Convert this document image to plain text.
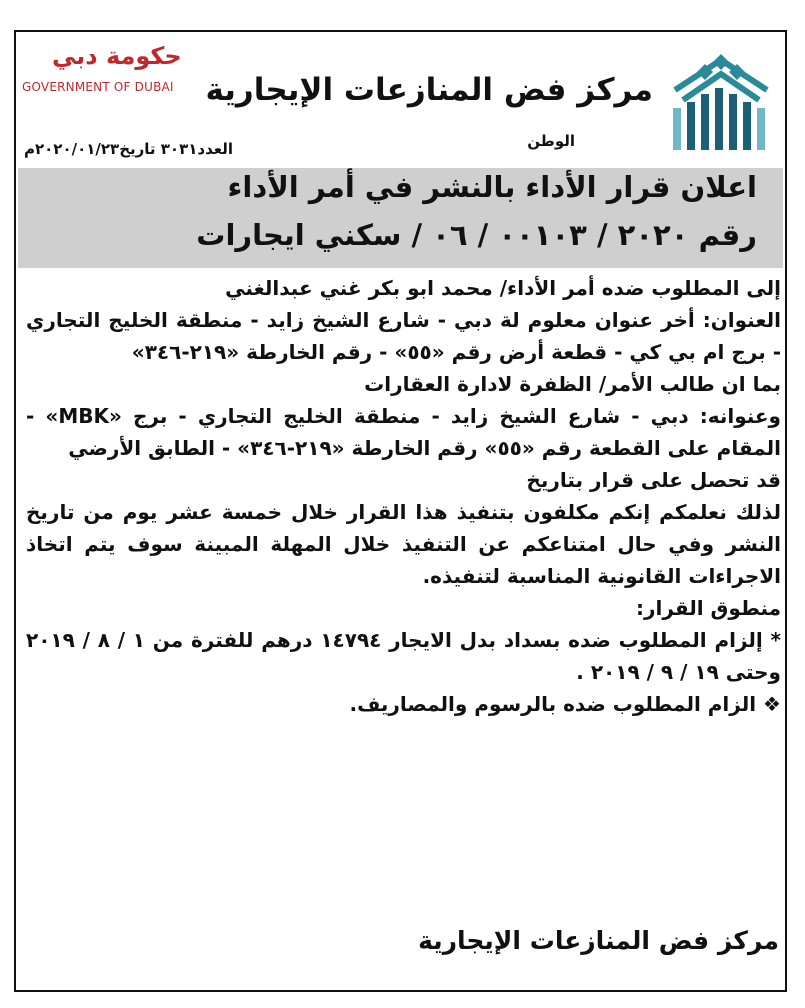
حكومة دبي
GOVERNMENT OF DUBAI مركز فض المنازعات الإيجارية
الوطن
العدد٣٠٣١ تاريخ٢٠٢٠/٠١/٢٣م
اعلان قرار الأداء بالنشر في أمر الأداء
رقم ٢٠٢٠ / ٠٠١٠٣ / ٠٦ / سكني ايجارات

إلى المطلوب ضده أمر الأداء/ محمد ابو بكر غني عبدالغني

العنوان: أخر عنوان معلوم لة دبي - شارع الشيخ زايد - منطقة الخليج التجاري - برج ام بي كي - قطعة أرض رقم «٥٥» - رقم الخارطة «٢١٩-٣٤٦»

بما ان طالب الأمر/ الظفرة لادارة العقارات

وعنوانه: دبي - شارع الشيخ زايد - منطقة الخليج التجاري - برج «MBK» - المقام على القطعة رقم «٥٥» رقم الخارطة «٢١٩-٣٤٦» - الطابق الأرضي

قد تحصل على قرار بتاريخ

لذلك نعلمكم إنكم مكلفون بتنفيذ هذا القرار خلال خمسة عشر يوم من تاريخ النشر وفي حال امتناعكم عن التنفيذ خلال المهلة المبينة سوف يتم اتخاذ الاجراءات القانونية المناسبة لتنفيذه.

منطوق القرار:

* إلزام المطلوب ضده بسداد بدل الايجار ١٤٧٩٤ درهم للفترة من ١ / ٨ / ٢٠١٩ وحتى ١٩ / ٩ / ٢٠١٩ .

❖ الزام المطلوب ضده بالرسوم والمصاريف.

مركز فض المنازعات الإيجارية
